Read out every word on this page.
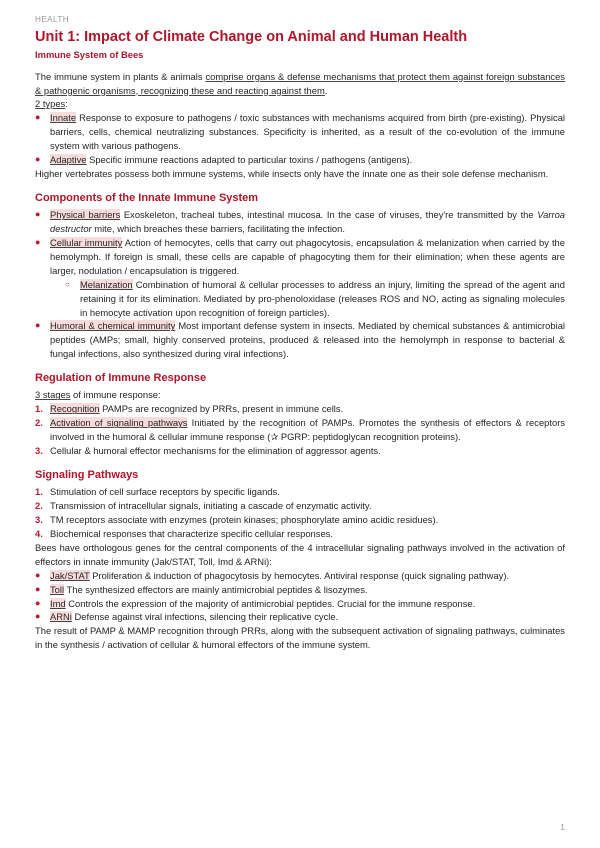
HEALTH
Unit 1: Impact of Climate Change on Animal and Human Health
Immune System of Bees

The immune system in plants & animals comprise organs & defense mechanisms that protect them against foreign substances & pathogenic organisms, recognizing these and reacting against them.

2 types:

● Innate Response to exposure to pathogens / toxic substances with mechanisms acquired from birth (pre-existing). Physical barriers, cells, chemical neutralizing substances. Specificity is inherited, as a result of the co-evolution of the immune system with various pathogens.
● Adaptive Specific immune reactions adapted to particular toxins / pathogens (antigens).

Higher vertebrates possess both immune systems, while insects only have the innate one as their sole defense mechanism.

Components of the Innate Immune System
● Physical barriers Exoskeleton, tracheal tubes, intestinal mucosa. In the case of viruses, they're transmitted by the Varroa destructor mite, which breaches these barriers, facilitating the infection.
● Cellular immunity Action of hemocytes, cells that carry out phagocytosis, encapsulation & melanization when carried by the hemolymph. If foreign is small, these cells are capable of phagocyting them for their elimination; when these agents are larger, nodulation / encapsulation is triggered.
○ Melanization Combination of humoral & cellular processes to address an injury, limiting the spread of the agent and retaining it for its elimination. Mediated by pro-phenoloxidase (releases ROS and NO, acting as signaling molecules in hemocyte activation upon recognition of foreign particles).
● Humoral & chemical immunity Most important defense system in insects. Mediated by chemical substances & antimicrobial peptides (AMPs; small, highly conserved proteins, produced & released into the hemolymph in response to bacterial & fungal infections, also synthesized during viral infections).
Regulation of Immune Response

3 stages of immune response:

1. Recognition PAMPs are recognized by PRRs, present in immune cells.
2. Activation of signaling pathways Initiated by the recognition of PAMPs. Promotes the synthesis of effectors & receptors involved in the humoral & cellular immune response (✰ PGRP: peptidoglycan recognition proteins).
3. Cellular & humoral effector mechanisms for the elimination of aggressor agents.
Signaling Pathways
1. Stimulation of cell surface receptors by specific ligands.
2. Transmission of intracellular signals, initiating a cascade of enzymatic activity.
3. TM receptors associate with enzymes (protein kinases; phosphorylate amino acidic residues).
4. Biochemical responses that characterize specific cellular responses.

Bees have orthologous genes for the central components of the 4 intracellular signaling pathways involved in the activation of effectors in innate immunity (Jak/STAT, Toll, Imd & ARNi):

● Jak/STAT Proliferation & induction of phagocytosis by hemocytes. Antiviral response (quick signaling pathway).
● Toll The synthesized effectors are mainly antimicrobial peptides & lisozymes.
● Imd Controls the expression of the majority of antimicrobial peptides. Crucial for the immune response.
● ARNi Defense against viral infections, silencing their replicative cycle.

The result of PAMP & MAMP recognition through PRRs, along with the subsequent activation of signaling pathways, culminates in the synthesis / activation of cellular & humoral effectors of the immune system.

1
